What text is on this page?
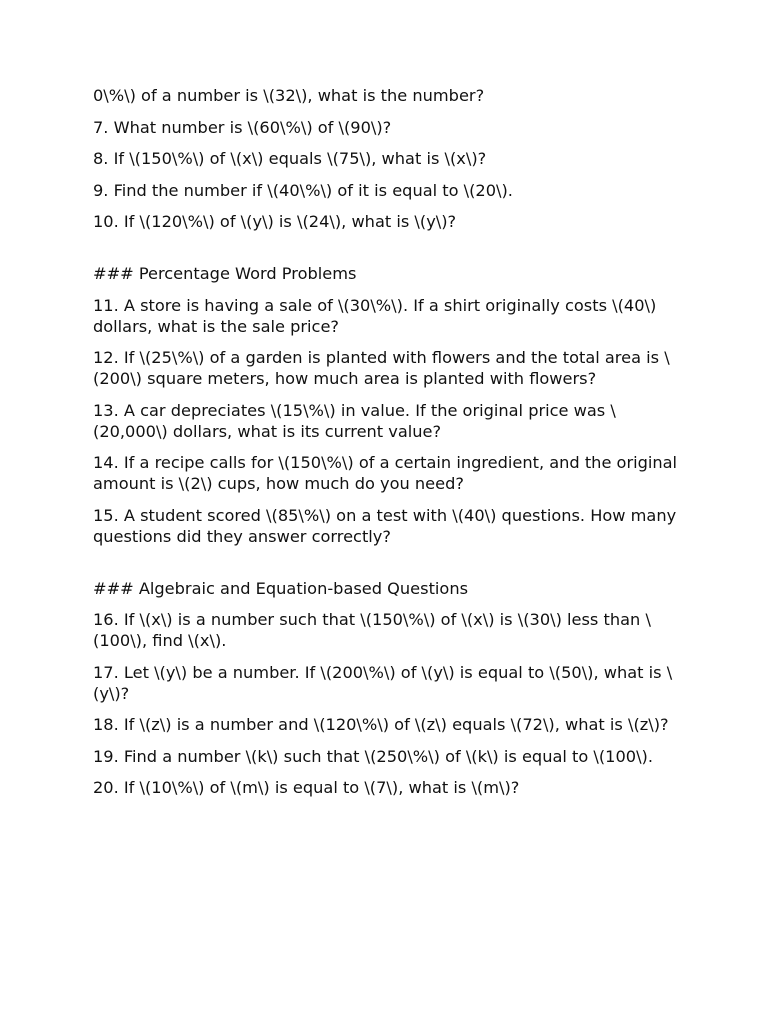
0\%\) of a number is \(32\), what is the number?

7. What number is \(60\%\) of \(90\)?

8. If \(150\%\) of \(x\) equals \(75\), what is \(x\)?

9. Find the number if \(40\%\) of it is equal to \(20\).

10. If \(120\%\) of \(y\) is \(24\), what is \(y\)?

### Percentage Word Problems

11. A store is having a sale of \(30\%\). If a shirt originally costs \(40\) dollars, what is the sale price?

12. If \(25\%\) of a garden is planted with flowers and the total area is \(200\) square meters, how much area is planted with flowers?

13. A car depreciates \(15\%\) in value. If the original price was \(20,000\) dollars, what is its current value?

14. If a recipe calls for \(150\%\) of a certain ingredient, and the original amount is \(2\) cups, how much do you need?

15. A student scored \(85\%\) on a test with \(40\) questions. How many questions did they answer correctly?

### Algebraic and Equation-based Questions

16. If \(x\) is a number such that \(150\%\) of \(x\) is \(30\) less than \(100\), find \(x\).

17. Let \(y\) be a number. If \(200\%\) of \(y\) is equal to \(50\), what is \(y\)?

18. If \(z\) is a number and \(120\%\) of \(z\) equals \(72\), what is \(z\)?

19. Find a number \(k\) such that \(250\%\) of \(k\) is equal to \(100\).

20. If \(10\%\) of \(m\) is equal to \(7\), what is \(m\)?
